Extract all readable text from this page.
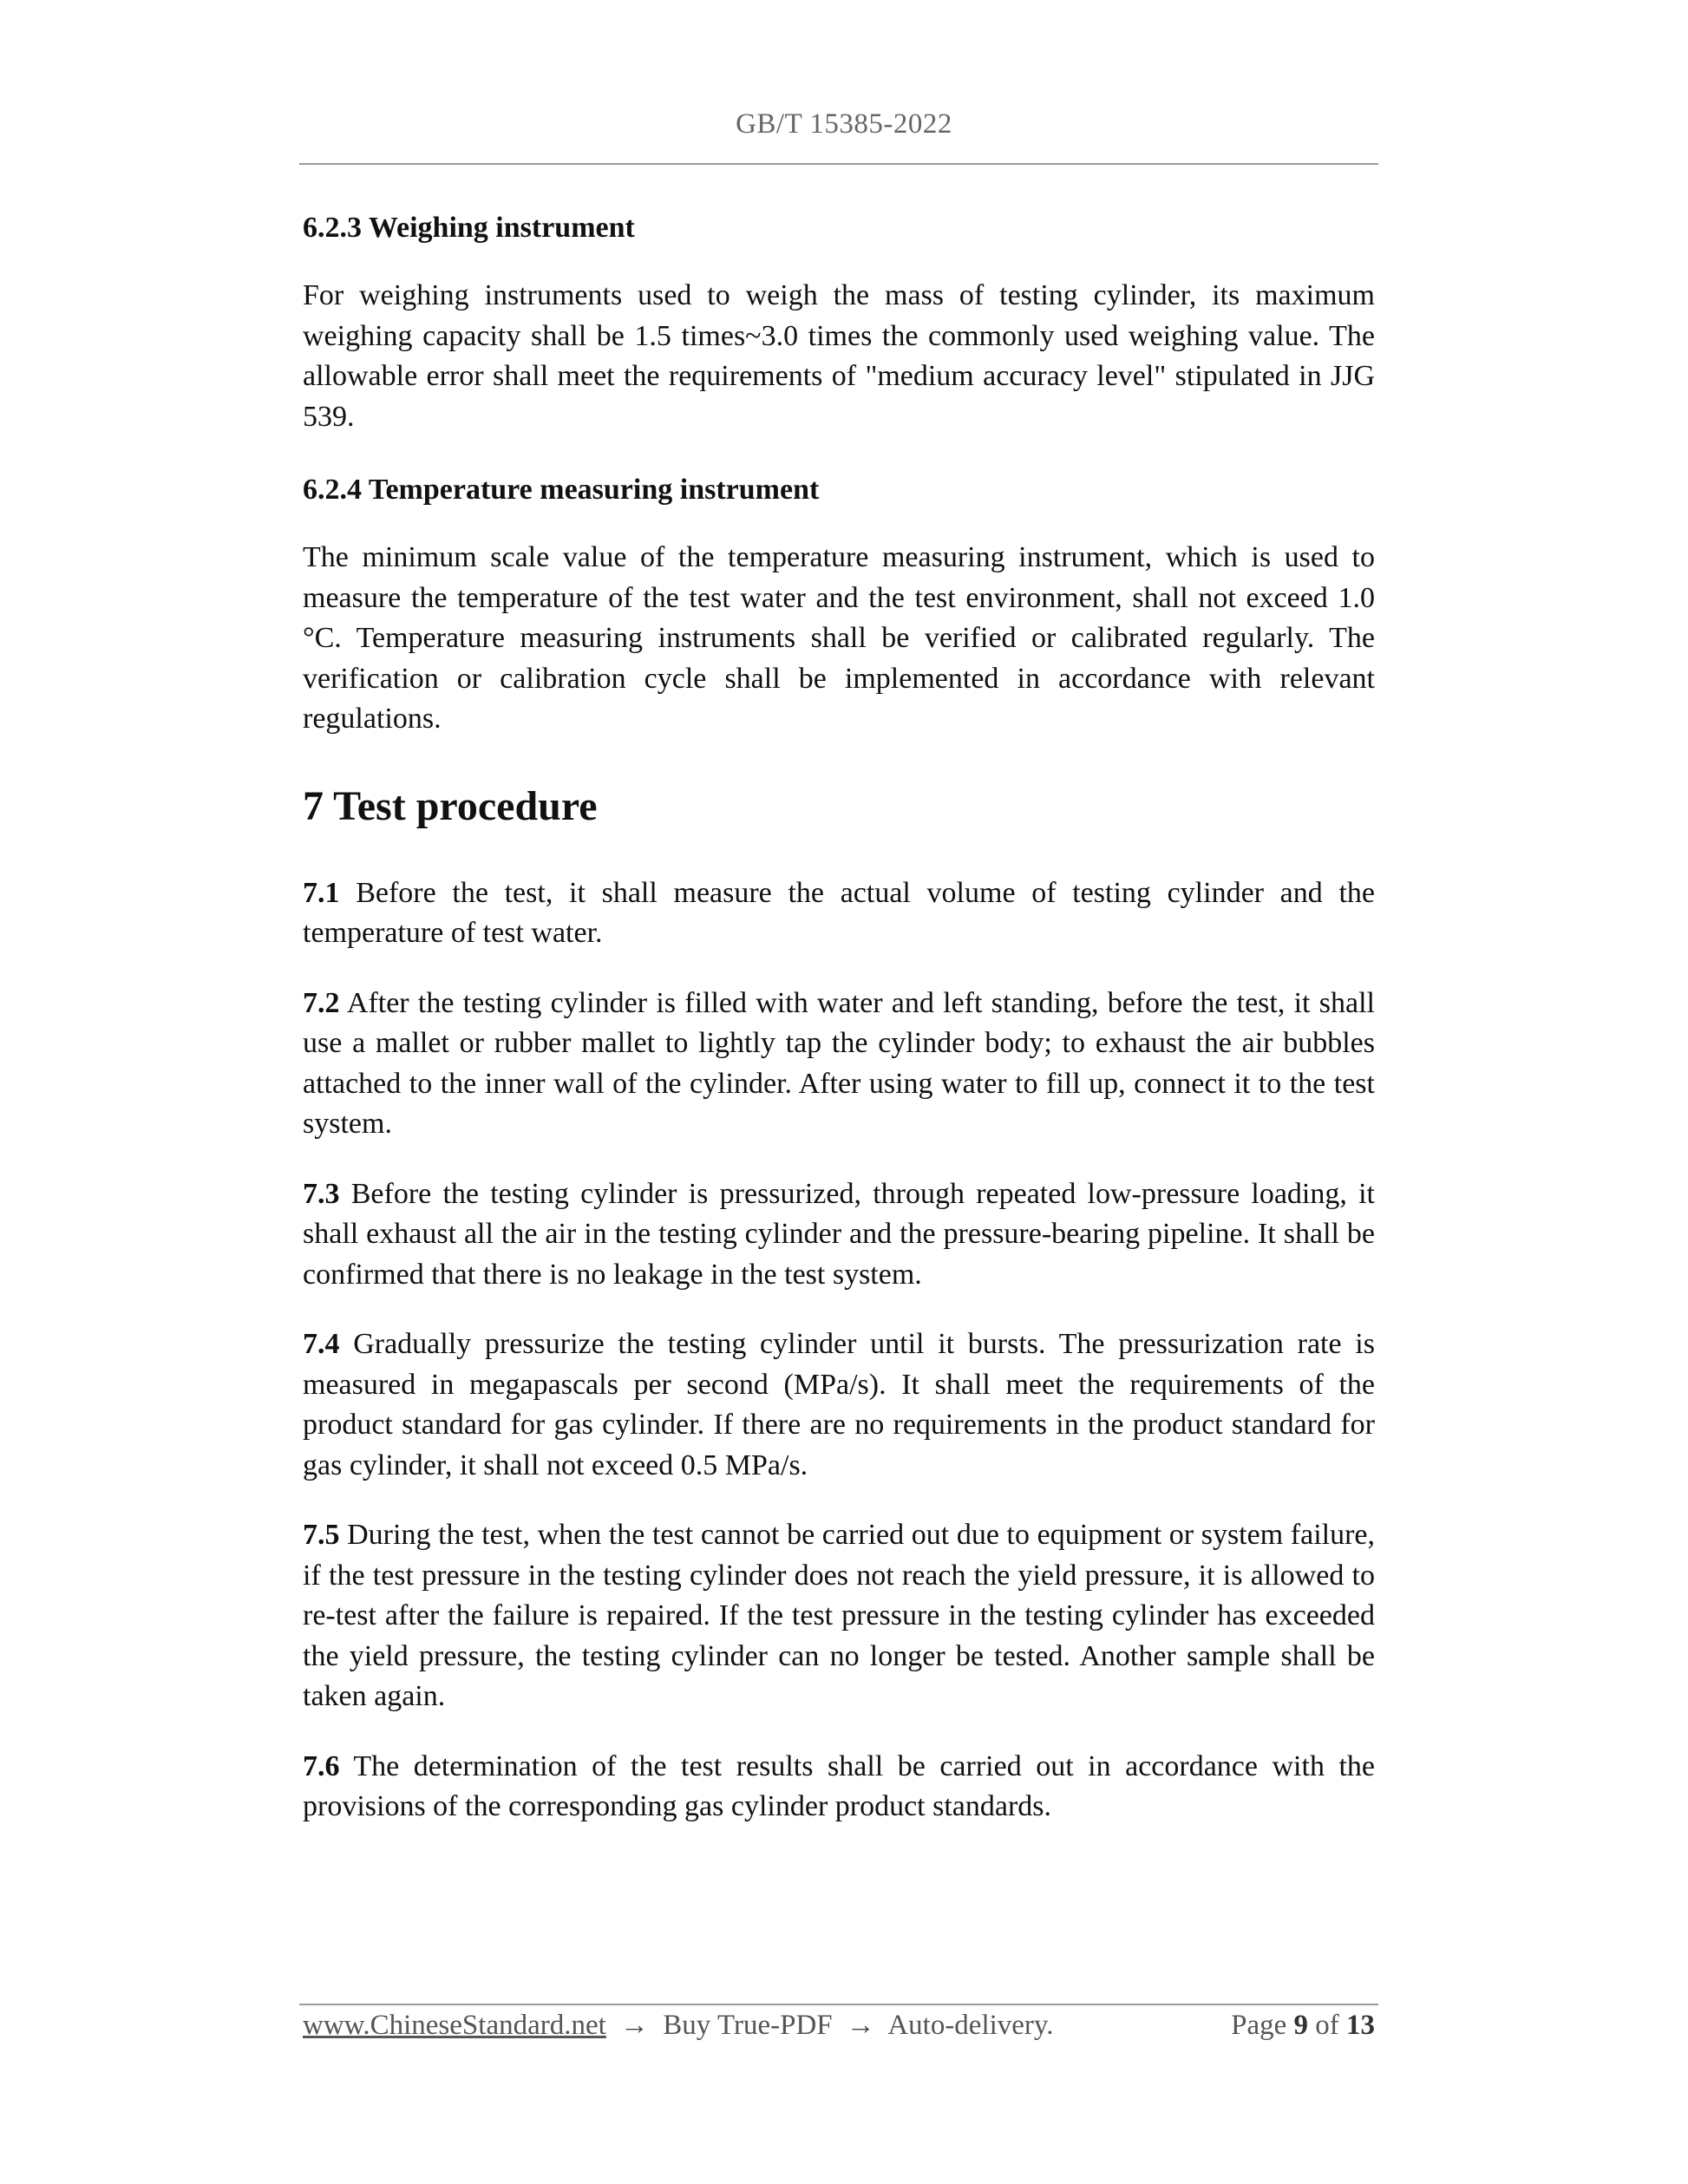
GB/T 15385-2022
6.2.3 Weighing instrument

For weighing instruments used to weigh the mass of testing cylinder, its maximum weighing capacity shall be 1.5 times~3.0 times the commonly used weighing value. The allowable error shall meet the requirements of "medium accuracy level" stipulated in JJG 539.

6.2.4 Temperature measuring instrument

The minimum scale value of the temperature measuring instrument, which is used to measure the temperature of the test water and the test environment, shall not exceed 1.0 °C. Temperature measuring instruments shall be verified or calibrated regularly. The verification or calibration cycle shall be implemented in accordance with relevant regulations.

7 Test procedure

7.1 Before the test, it shall measure the actual volume of testing cylinder and the temperature of test water.

7.2 After the testing cylinder is filled with water and left standing, before the test, it shall use a mallet or rubber mallet to lightly tap the cylinder body; to exhaust the air bubbles attached to the inner wall of the cylinder. After using water to fill up, connect it to the test system.

7.3 Before the testing cylinder is pressurized, through repeated low-pressure loading, it shall exhaust all the air in the testing cylinder and the pressure-bearing pipeline. It shall be confirmed that there is no leakage in the test system.

7.4 Gradually pressurize the testing cylinder until it bursts. The pressurization rate is measured in megapascals per second (MPa/s). It shall meet the requirements of the product standard for gas cylinder. If there are no requirements in the product standard for gas cylinder, it shall not exceed 0.5 MPa/s.

7.5 During the test, when the test cannot be carried out due to equipment or system failure, if the test pressure in the testing cylinder does not reach the yield pressure, it is allowed to re-test after the failure is repaired. If the test pressure in the testing cylinder has exceeded the yield pressure, the testing cylinder can no longer be tested. Another sample shall be taken again.

7.6 The determination of the test results shall be carried out in accordance with the provisions of the corresponding gas cylinder product standards.

www.ChineseStandard.net → Buy True-PDF → Auto-delivery.	Page 9 of 13
